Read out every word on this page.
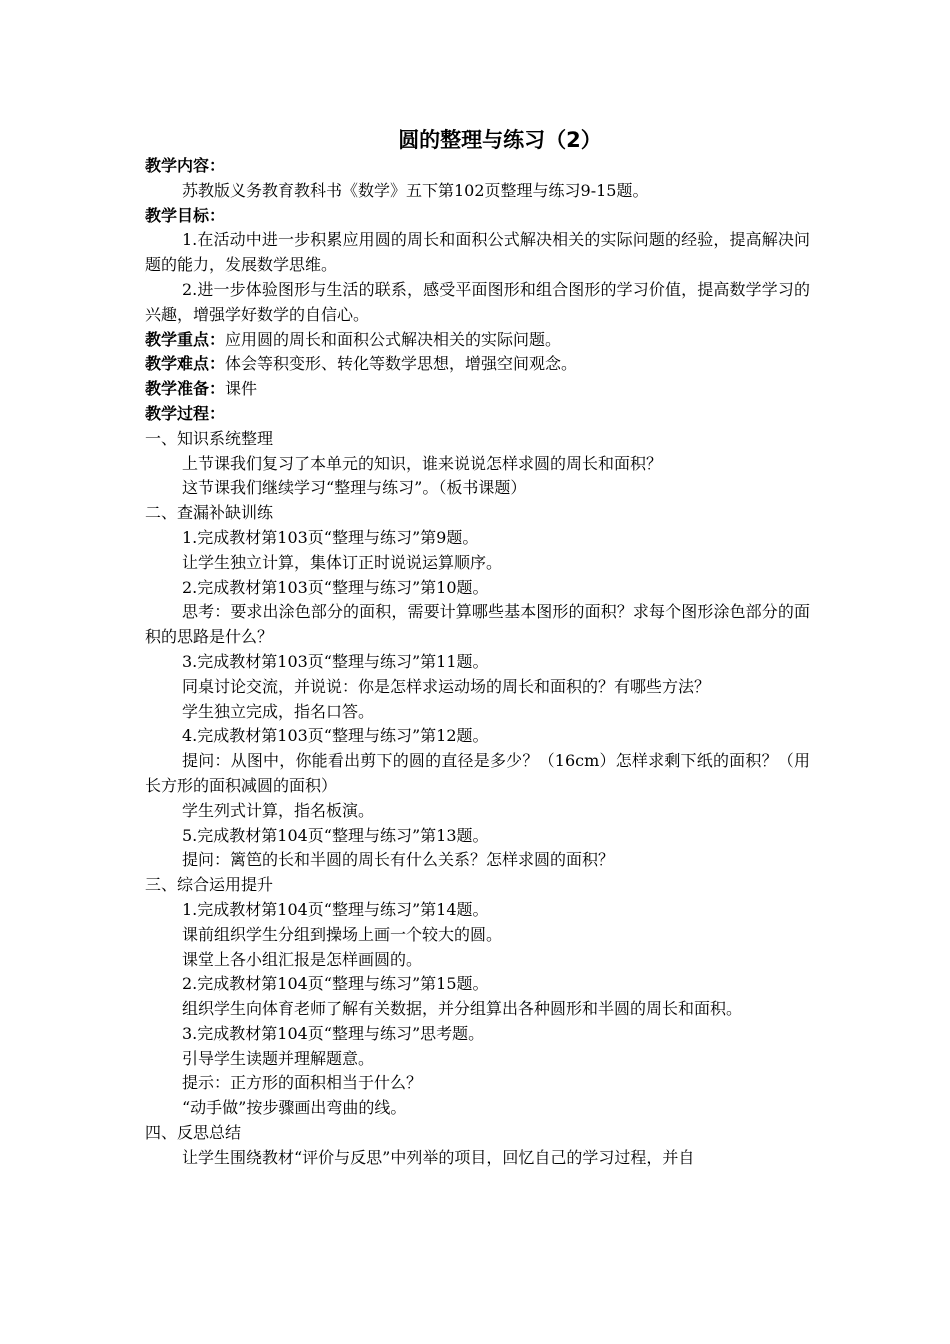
圆的整理与练习（2）

教学内容：

苏教版义务教育教科书《数学》五下第102页整理与练习9-15题。

教学目标：

1.在活动中进一步积累应用圆的周长和面积公式解决相关的实际问题的经验，提高解决问题的能力，发展数学思维。

2.进一步体验图形与生活的联系，感受平面图形和组合图形的学习价值，提高数学学习的兴趣，增强学好数学的自信心。

教学重点：应用圆的周长和面积公式解决相关的实际问题。

教学难点：体会等积变形、转化等数学思想，增强空间观念。

教学准备：课件

教学过程：

一、知识系统整理

上节课我们复习了本单元的知识，谁来说说怎样求圆的周长和面积？

这节课我们继续学习“整理与练习”。（板书课题）

二、查漏补缺训练

1.完成教材第103页“整理与练习”第9题。

让学生独立计算，集体订正时说说运算顺序。

2.完成教材第103页“整理与练习”第10题。

思考：要求出涂色部分的面积，需要计算哪些基本图形的面积？求每个图形涂色部分的面积的思路是什么？

3.完成教材第103页“整理与练习”第11题。

同桌讨论交流，并说说：你是怎样求运动场的周长和面积的？有哪些方法？

学生独立完成，指名口答。

4.完成教材第103页“整理与练习”第12题。

提问：从图中，你能看出剪下的圆的直径是多少？（16cm）怎样求剩下纸的面积？（用长方形的面积减圆的面积）

学生列式计算，指名板演。

5.完成教材第104页“整理与练习”第13题。

提问：篱笆的长和半圆的周长有什么关系？怎样求圆的面积？

三、综合运用提升

1.完成教材第104页“整理与练习”第14题。

课前组织学生分组到操场上画一个较大的圆。

课堂上各小组汇报是怎样画圆的。

2.完成教材第104页“整理与练习”第15题。

组织学生向体育老师了解有关数据，并分组算出各种圆形和半圆的周长和面积。

3.完成教材第104页“整理与练习”思考题。

引导学生读题并理解题意。

提示：正方形的面积相当于什么？

“动手做”按步骤画出弯曲的线。

四、反思总结

让学生围绕教材“评价与反思”中列举的项目，回忆自己的学习过程，并自
